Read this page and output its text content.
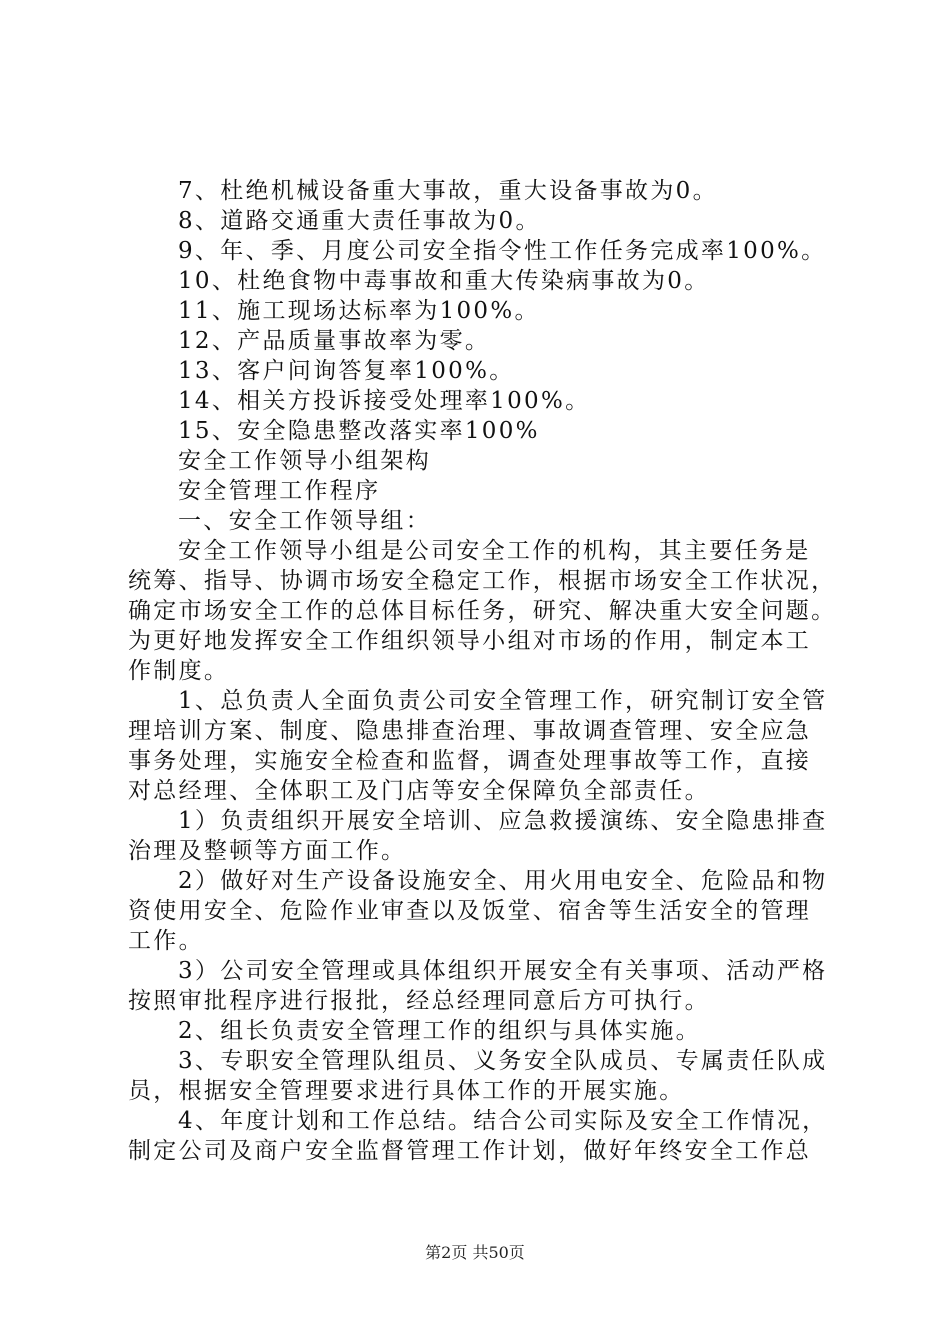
7、杜绝机械设备重大事故，重大设备事故为0。
8、道路交通重大责任事故为0。
9、年、季、月度公司安全指令性工作任务完成率100%。
10、杜绝食物中毒事故和重大传染病事故为0。
11、施工现场达标率为100%。
12、产品质量事故率为零。
13、客户问询答复率100%。
14、相关方投诉接受处理率100%。
15、安全隐患整改落实率100%
安全工作领导小组架构
安全管理工作程序
一、安全工作领导组：
安全工作领导小组是公司安全工作的机构，其主要任务是
统筹、指导、协调市场安全稳定工作，根据市场安全工作状况，
确定市场安全工作的总体目标任务，研究、解决重大安全问题。
为更好地发挥安全工作组织领导小组对市场的作用，制定本工
作制度。
1、总负责人全面负责公司安全管理工作，研究制订安全管
理培训方案、制度、隐患排查治理、事故调查管理、安全应急
事务处理，实施安全检查和监督，调查处理事故等工作，直接
对总经理、全体职工及门店等安全保障负全部责任。
1）负责组织开展安全培训、应急救援演练、安全隐患排查
治理及整顿等方面工作。
2）做好对生产设备设施安全、用火用电安全、危险品和物
资使用安全、危险作业审查以及饭堂、宿舍等生活安全的管理
工作。
3）公司安全管理或具体组织开展安全有关事项、活动严格
按照审批程序进行报批，经总经理同意后方可执行。
2、组长负责安全管理工作的组织与具体实施。
3、专职安全管理队组员、义务安全队成员、专属责任队成
员，根据安全管理要求进行具体工作的开展实施。
4、年度计划和工作总结。结合公司实际及安全工作情况，
制定公司及商户安全监督管理工作计划，做好年终安全工作总
第2页 共50页
